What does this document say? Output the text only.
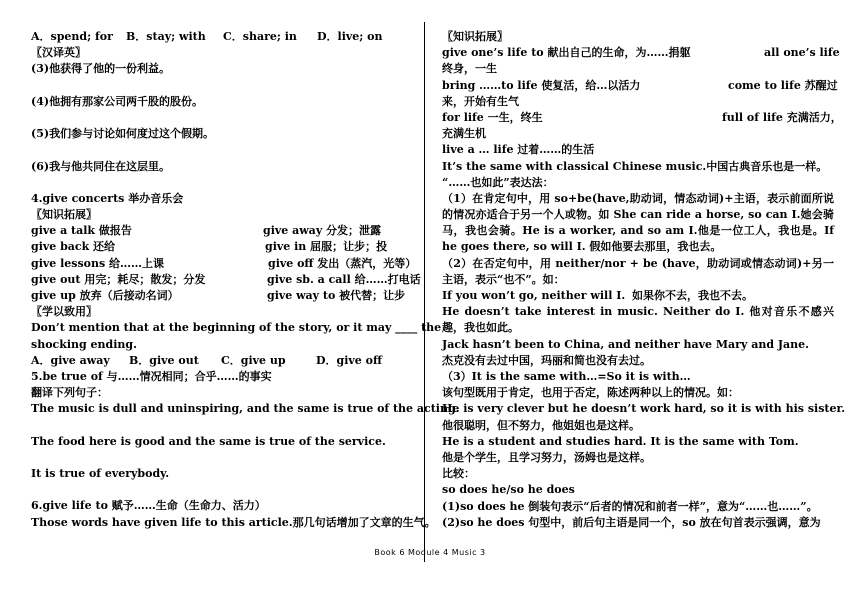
A．spend; for B．stay; with C．share; in D．live; on
〖汉译英〗
(3)他获得了他的一份利益。
(4)他拥有那家公司两千股的股份。
(5)我们参与讨论如何度过这个假期。
(6)我与他共同住在这层里。
4.give concerts 举办音乐会
〖知识拓展〗
give a talk 做报告	give away 分发；泄露
give back 还给	give in 屈服；让步；投
give lessons 给……上课	give off 发出（蒸汽，光等）
give out 用完；耗尽；散发；分发	give sb. a call 给……打电话
give up 放弃（后接动名词）	give way to 被代替；让步
〖学以致用〗
Don’t mention that at the beginning of the story, or it may ____ the
shocking ending.
A．give away B．give out C．give up	D．give off
5.be true of 与……情况相同；合乎……的事实
翻译下列句子：
The music is dull and uninspiring, and the same is true of the acting.
The food here is good and the same is true of the service.
It is true of everybody.
6.give life to 赋予……生命（生命力、活力）
Those words have given life to this article.那几句话增加了文章的生气。
〖知识拓展〗
give one’s life to 献出自己的生命，为……捐躯	all one’s life
终身，一生
bring ……to life 使复活，给…以活力	come to life 苏醒过
来，开始有生气
for life 一生，终生	full of life 充满活力，
充满生机
live a … life 过着……的生活
It’s the same with classical Chinese music.中国古典音乐也是一样。
“……也如此”表达法：
（1）在肯定句中，用 so+be(have,助动词，情态动词)+主语，表示前面所说的情况亦适合于另一个人或物。如 She can ride a horse, so can I.她会骑马，我也会骑。He is a worker, and so am I.他是一位工人，我也是。If he goes there, so will I. 假如他要去那里，我也去。
（2）在否定句中，用 neither/nor + be (have，助动词或情态动词)+另一主语，表示“也不”。如：
If you won’t go, neither will I. 如果你不去，我也不去。
He doesn’t take interest in music. Neither do I. 他对音乐不感兴趣，我也如此。
Jack hasn’t been to China, and neither have Mary and Jane.
杰克没有去过中国，玛丽和简也没有去过。
（3）It is the same with…=So it is with…
该句型既用于肯定，也用于否定，陈述两种以上的情况。如：
He is very clever but he doesn’t work hard, so it is with his sister.
他很聪明，但不努力，他姐姐也是这样。
He is a student and studies hard. It is the same with Tom.
他是个学生，且学习努力，汤姆也是这样。
比较：
so does he/so he does
(1)so does he 倒装句表示“后者的情况和前者一样”，意为“……也……”。
(2)so he does 句型中，前后句主语是同一个，so 放在句首表示强调，意为
Book 6 Module 4 Music 3
